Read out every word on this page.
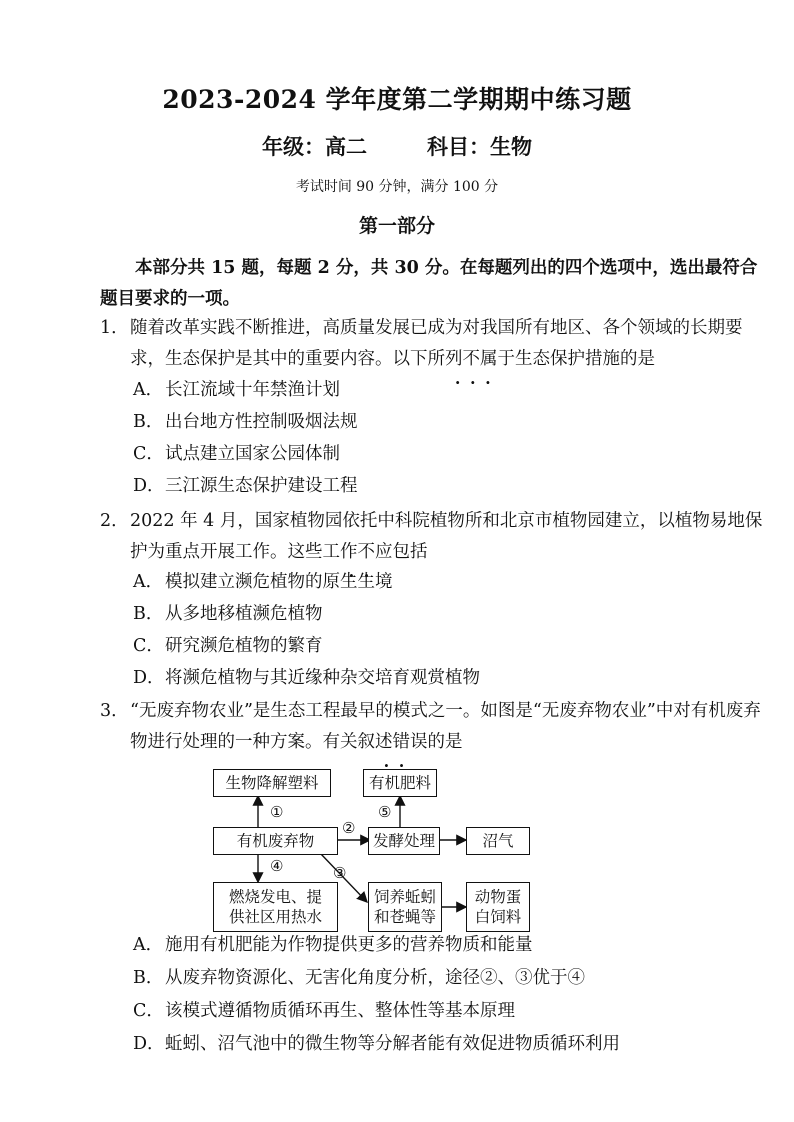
2023-2024 学年度第二学期期中练习题
年级：高二	科目：生物
考试时间 90 分钟，满分 100 分
第一部分
本部分共 15 题，每题 2 分，共 30 分。在每题列出的四个选项中，选出最符合题目要求的一项。
1．随着改革实践不断推进，高质量发展已成为对我国所有地区、各个领域的长期要求，生态保护是其中的重要内容。以下所列不属于 · · ·生态保护措施的是
A． 长江流域十年禁渔计划
B．出台地方性控制吸烟法规
C．试点建立国家公园体制
D．三江源生态保护建设工程
2．2022 年 4 月，国家植物园依托中科院植物所和北京市植物园建立，以植物易地保护为重点开展工作。这些工作不应 · ·包括
A． 模拟建立濒危植物的原生生境
B．从多地移植濒危植物
C．研究濒危植物的繁育
D．将濒危植物与其近缘种杂交培育观赏植物
3．“无废弃物农业”是生态工程最早的模式之一。如图是“无废弃物农业”中对有机废弃物进行处理的一种方案。有关叙述错误 · ·的是
生物降解塑料	有机肥料
有机废弃物	发酵处理	沼气
燃烧发电、提
供社区用热水
饲养蚯蚓
和苍蝇等
动物蛋
白饲料
①	⑤
②
④	③
A． 施用有机肥能为作物提供更多的营养物质和能量
B．从废弃物资源化、无害化角度分析，途径②、③优于④
C．该模式遵循物质循环再生、整体性等基本原理
D．蚯蚓、沼气池中的微生物等分解者能有效促进物质循环利用
